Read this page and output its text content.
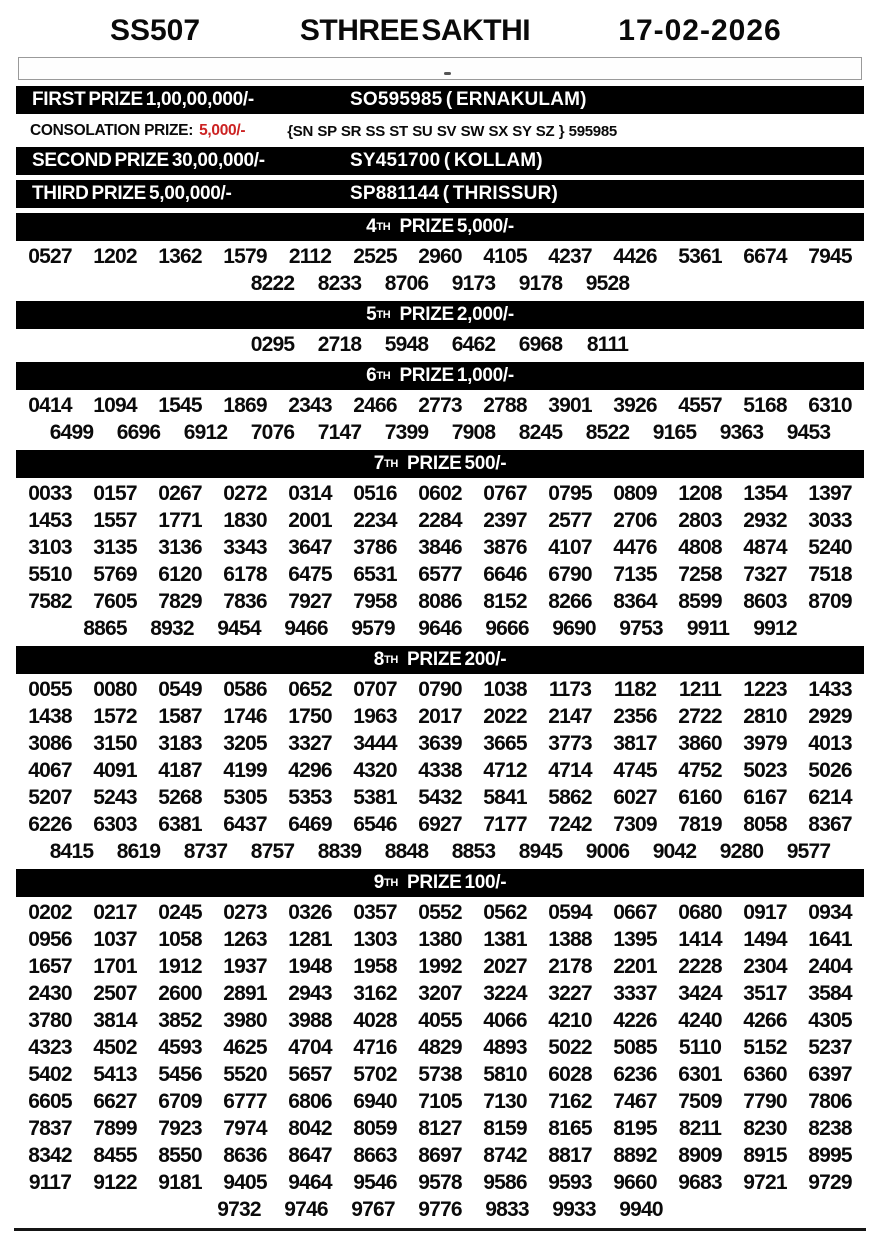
SS507	STHREE SAKTHI	17-02-2026
FIRST PRIZE 1,00,00,000/-	SO595985 ( ERNAKULAM)
CONSOLATION PRIZE: 5,000/-	{SN SP SR SS ST SU SV SW SX SY SZ } 595985
SECOND PRIZE 30,00,000/-	SY451700 ( KOLLAM)
THIRD PRIZE 5,00,000/-	SP881144 ( THRISSUR)
4 TH PRIZE 5,000/-
0527 1202 1362 1579 2112 2525 2960 4105 4237 4426 5361 6674 7945
8222 8233 8706 9173 9178 9528
5 TH PRIZE 2,000/-
0295 2718 5948 6462 6968 8111
6 TH PRIZE 1,000/-
0414 1094 1545 1869 2343 2466 2773 2788 3901 3926 4557 5168 6310
6499 6696 6912 7076 7147 7399 7908 8245 8522 9165 9363 9453
7 TH PRIZE 500/-
0033 0157 0267 0272 0314 0516 0602 0767 0795 0809 1208 1354 1397
1453 1557 1771 1830 2001 2234 2284 2397 2577 2706 2803 2932 3033
3103 3135 3136 3343 3647 3786 3846 3876 4107 4476 4808 4874 5240
5510 5769 6120 6178 6475 6531 6577 6646 6790 7135 7258 7327 7518
7582 7605 7829 7836 7927 7958 8086 8152 8266 8364 8599 8603 8709
8865 8932 9454 9466 9579 9646 9666 9690 9753 9911 9912
8 TH PRIZE 200/-
0055 0080 0549 0586 0652 0707 0790 1038 1173 1182 1211 1223 1433
1438 1572 1587 1746 1750 1963 2017 2022 2147 2356 2722 2810 2929
3086 3150 3183 3205 3327 3444 3639 3665 3773 3817 3860 3979 4013
4067 4091 4187 4199 4296 4320 4338 4712 4714 4745 4752 5023 5026
5207 5243 5268 5305 5353 5381 5432 5841 5862 6027 6160 6167 6214
6226 6303 6381 6437 6469 6546 6927 7177 7242 7309 7819 8058 8367
8415 8619 8737 8757 8839 8848 8853 8945 9006 9042 9280 9577
9 TH PRIZE 100/-
0202 0217 0245 0273 0326 0357 0552 0562 0594 0667 0680 0917 0934
0956 1037 1058 1263 1281 1303 1380 1381 1388 1395 1414 1494 1641
1657 1701 1912 1937 1948 1958 1992 2027 2178 2201 2228 2304 2404
2430 2507 2600 2891 2943 3162 3207 3224 3227 3337 3424 3517 3584
3780 3814 3852 3980 3988 4028 4055 4066 4210 4226 4240 4266 4305
4323 4502 4593 4625 4704 4716 4829 4893 5022 5085 5110 5152 5237
5402 5413 5456 5520 5657 5702 5738 5810 6028 6236 6301 6360 6397
6605 6627 6709 6777 6806 6940 7105 7130 7162 7467 7509 7790 7806
7837 7899 7923 7974 8042 8059 8127 8159 8165 8195 8211 8230 8238
8342 8455 8550 8636 8647 8663 8697 8742 8817 8892 8909 8915 8995
9117 9122 9181 9405 9464 9546 9578 9586 9593 9660 9683 9721 9729
9732 9746 9767 9776 9833 9933 9940
